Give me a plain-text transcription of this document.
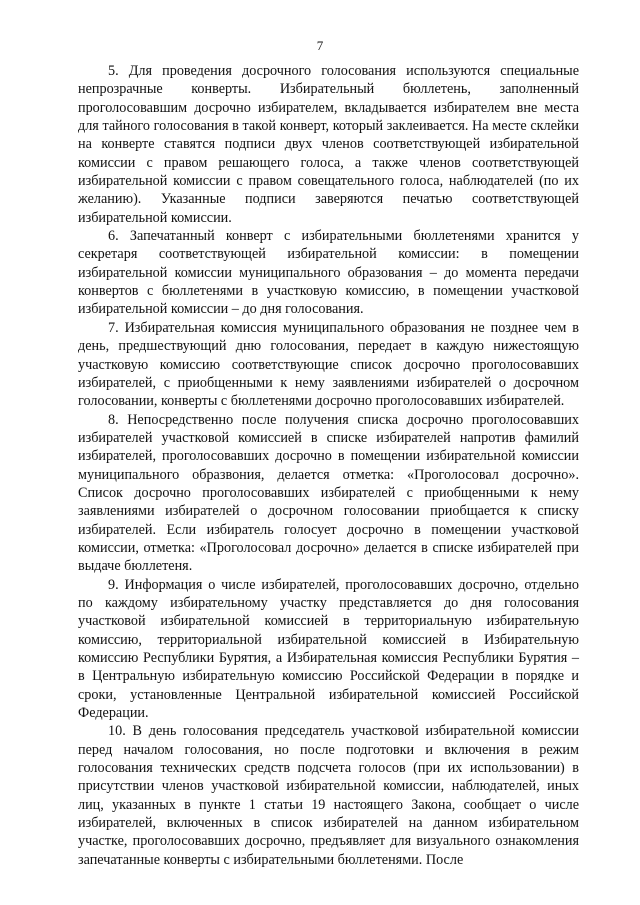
7

5. Для проведения досрочного голосования используются специальные непрозрачные конверты. Избирательный бюллетень, заполненный проголосовавшим досрочно избирателем, вкладывается избирателем вне места для тайного голосования в такой конверт, который заклеивается. На месте склейки на конверте ставятся подписи двух членов соответствующей избирательной комиссии с правом решающего голоса, а также членов соответствующей избирательной комиссии с правом совещательного голоса, наблюдателей (по их желанию). Указанные подписи заверяются печатью соответствующей избирательной комиссии.

6. Запечатанный конверт с избирательными бюллетенями хранится у секретаря соответствующей избирательной комиссии: в помещении избирательной комиссии муниципального образования – до момента передачи конвертов с бюллетенями в участковую комиссию, в помещении участковой избирательной комиссии – до дня голосования.

7. Избирательная комиссия муниципального образования не позднее чем в день, предшествующий дню голосования, передает в каждую нижестоящую участковую комиссию соответствующие список досрочно проголосовавших избирателей, с приобщенными к нему заявлениями избирателей о досрочном голосовании, конверты с бюллетенями досрочно проголосовавших избирателей.

8. Непосредственно после получения списка досрочно проголосовавших избирателей участковой комиссией в списке избирателей напротив фамилий избирателей, проголосовавших досрочно в помещении избирательной комиссии муниципального образвония, делается отметка: «Проголосовал досрочно». Список досрочно проголосовавших избирателей с приобщенными к нему заявлениями избирателей о досрочном голосовании приобщается к списку избирателей. Если избиратель голосует досрочно в помещении участковой комиссии, отметка: «Проголосовал досрочно» делается в списке избирателей при выдаче бюллетеня.

9. Информация о числе избирателей, проголосовавших досрочно, отдельно по каждому избирательному участку представляется до дня голосования участковой избирательной комиссией в территориальную избирательную комиссию, территориальной избирательной комиссией в Избирательную комиссию Республики Бурятия, а Избирательная комиссия Республики Бурятия – в Центральную избирательную комиссию Российской Федерации в порядке и сроки, установленные Центральной избирательной комиссией Российской Федерации.

10. В день голосования председатель участковой избирательной комиссии перед началом голосования, но после подготовки и включения в режим голосования технических средств подсчета голосов (при их использовании) в присутствии членов участковой избирательной комиссии, наблюдателей, иных лиц, указанных в пункте 1 статьи 19 настоящего Закона, сообщает о числе избирателей, включенных в список избирателей на данном избирательном участке, проголосовавших досрочно, предъявляет для визуального ознакомления запечатанные конверты с избирательными бюллетенями. После
